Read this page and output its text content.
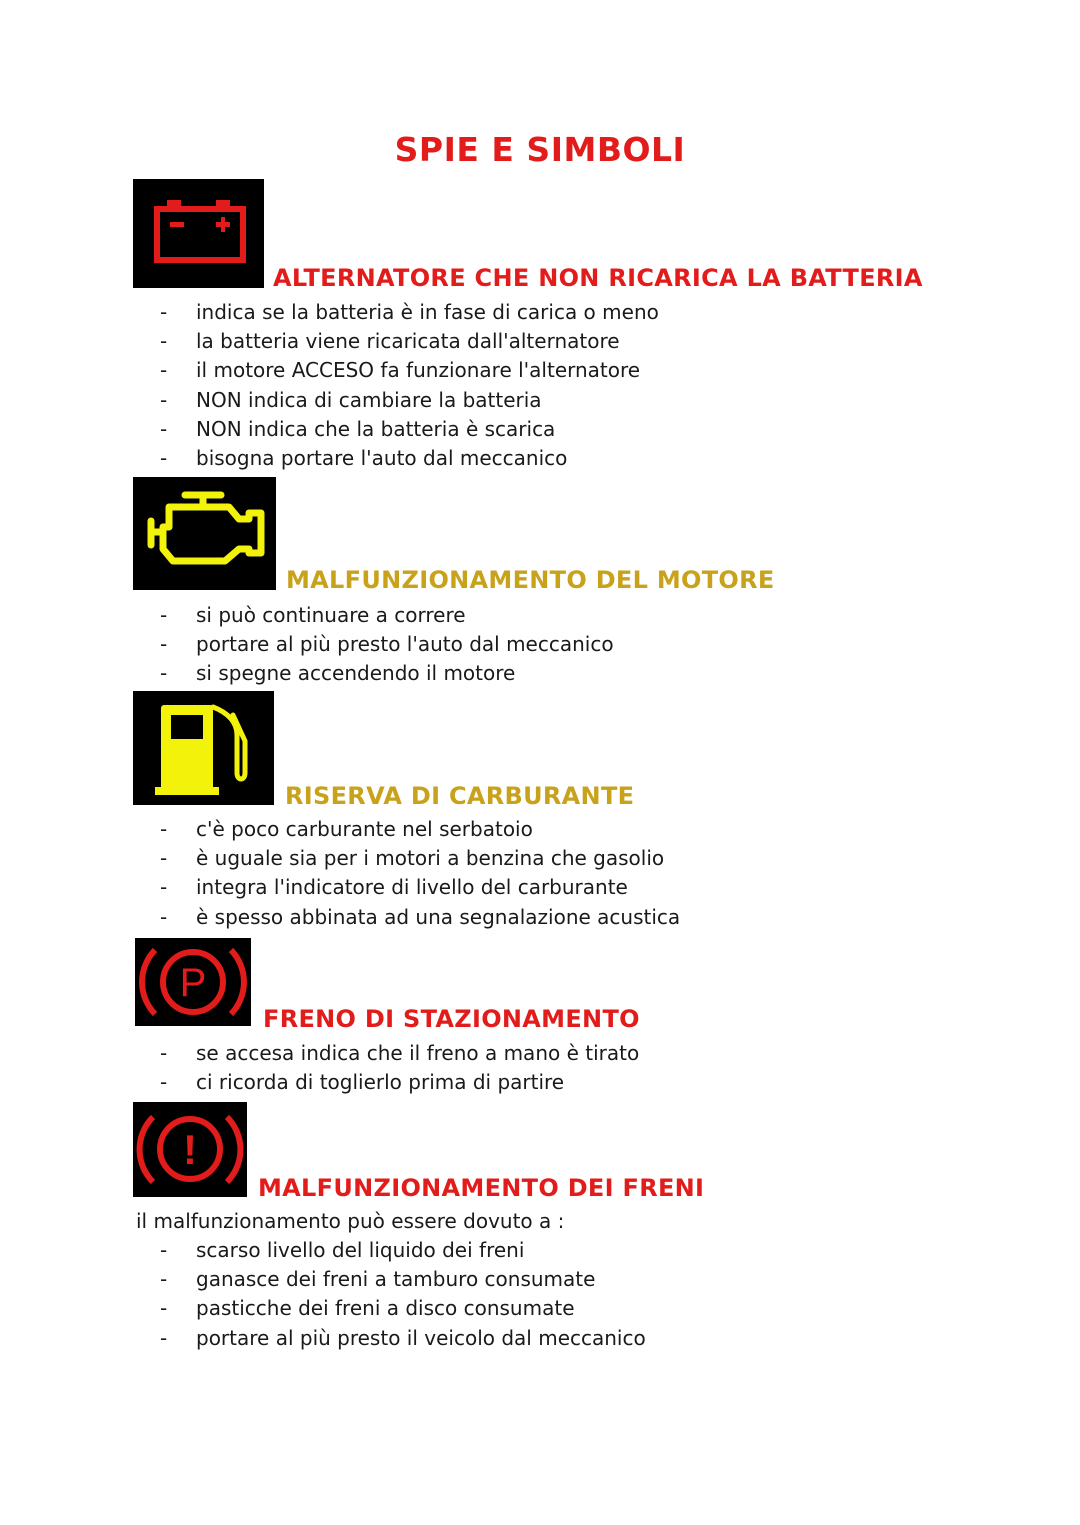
SPIE E SIMBOLI
ALTERNATORE CHE NON RICARICA LA BATTERIA
- indica se la batteria è in fase di carica o meno
- la batteria viene ricaricata dall'alternatore
- il motore ACCESO fa funzionare l'alternatore
- NON indica di cambiare la batteria
- NON indica che la batteria è scarica
- bisogna portare l'auto dal meccanico
MALFUNZIONAMENTO DEL MOTORE
- si può continuare a correre
- portare al più presto l'auto dal meccanico
- si spegne accendendo il motore
RISERVA DI CARBURANTE
- c'è poco carburante nel serbatoio
- è uguale sia per i motori a benzina che gasolio
- integra l'indicatore di livello del carburante
- è spesso abbinata ad una segnalazione acustica
P
FRENO DI STAZIONAMENTO
- se accesa indica che il freno a mano è tirato
- ci ricorda di toglierlo prima di partire
!
MALFUNZIONAMENTO DEI FRENI

il malfunzionamento può essere dovuto a :

- scarso livello del liquido dei freni
- ganasce dei freni a tamburo consumate
- pasticche dei freni a disco consumate
- portare al più presto il veicolo dal meccanico
